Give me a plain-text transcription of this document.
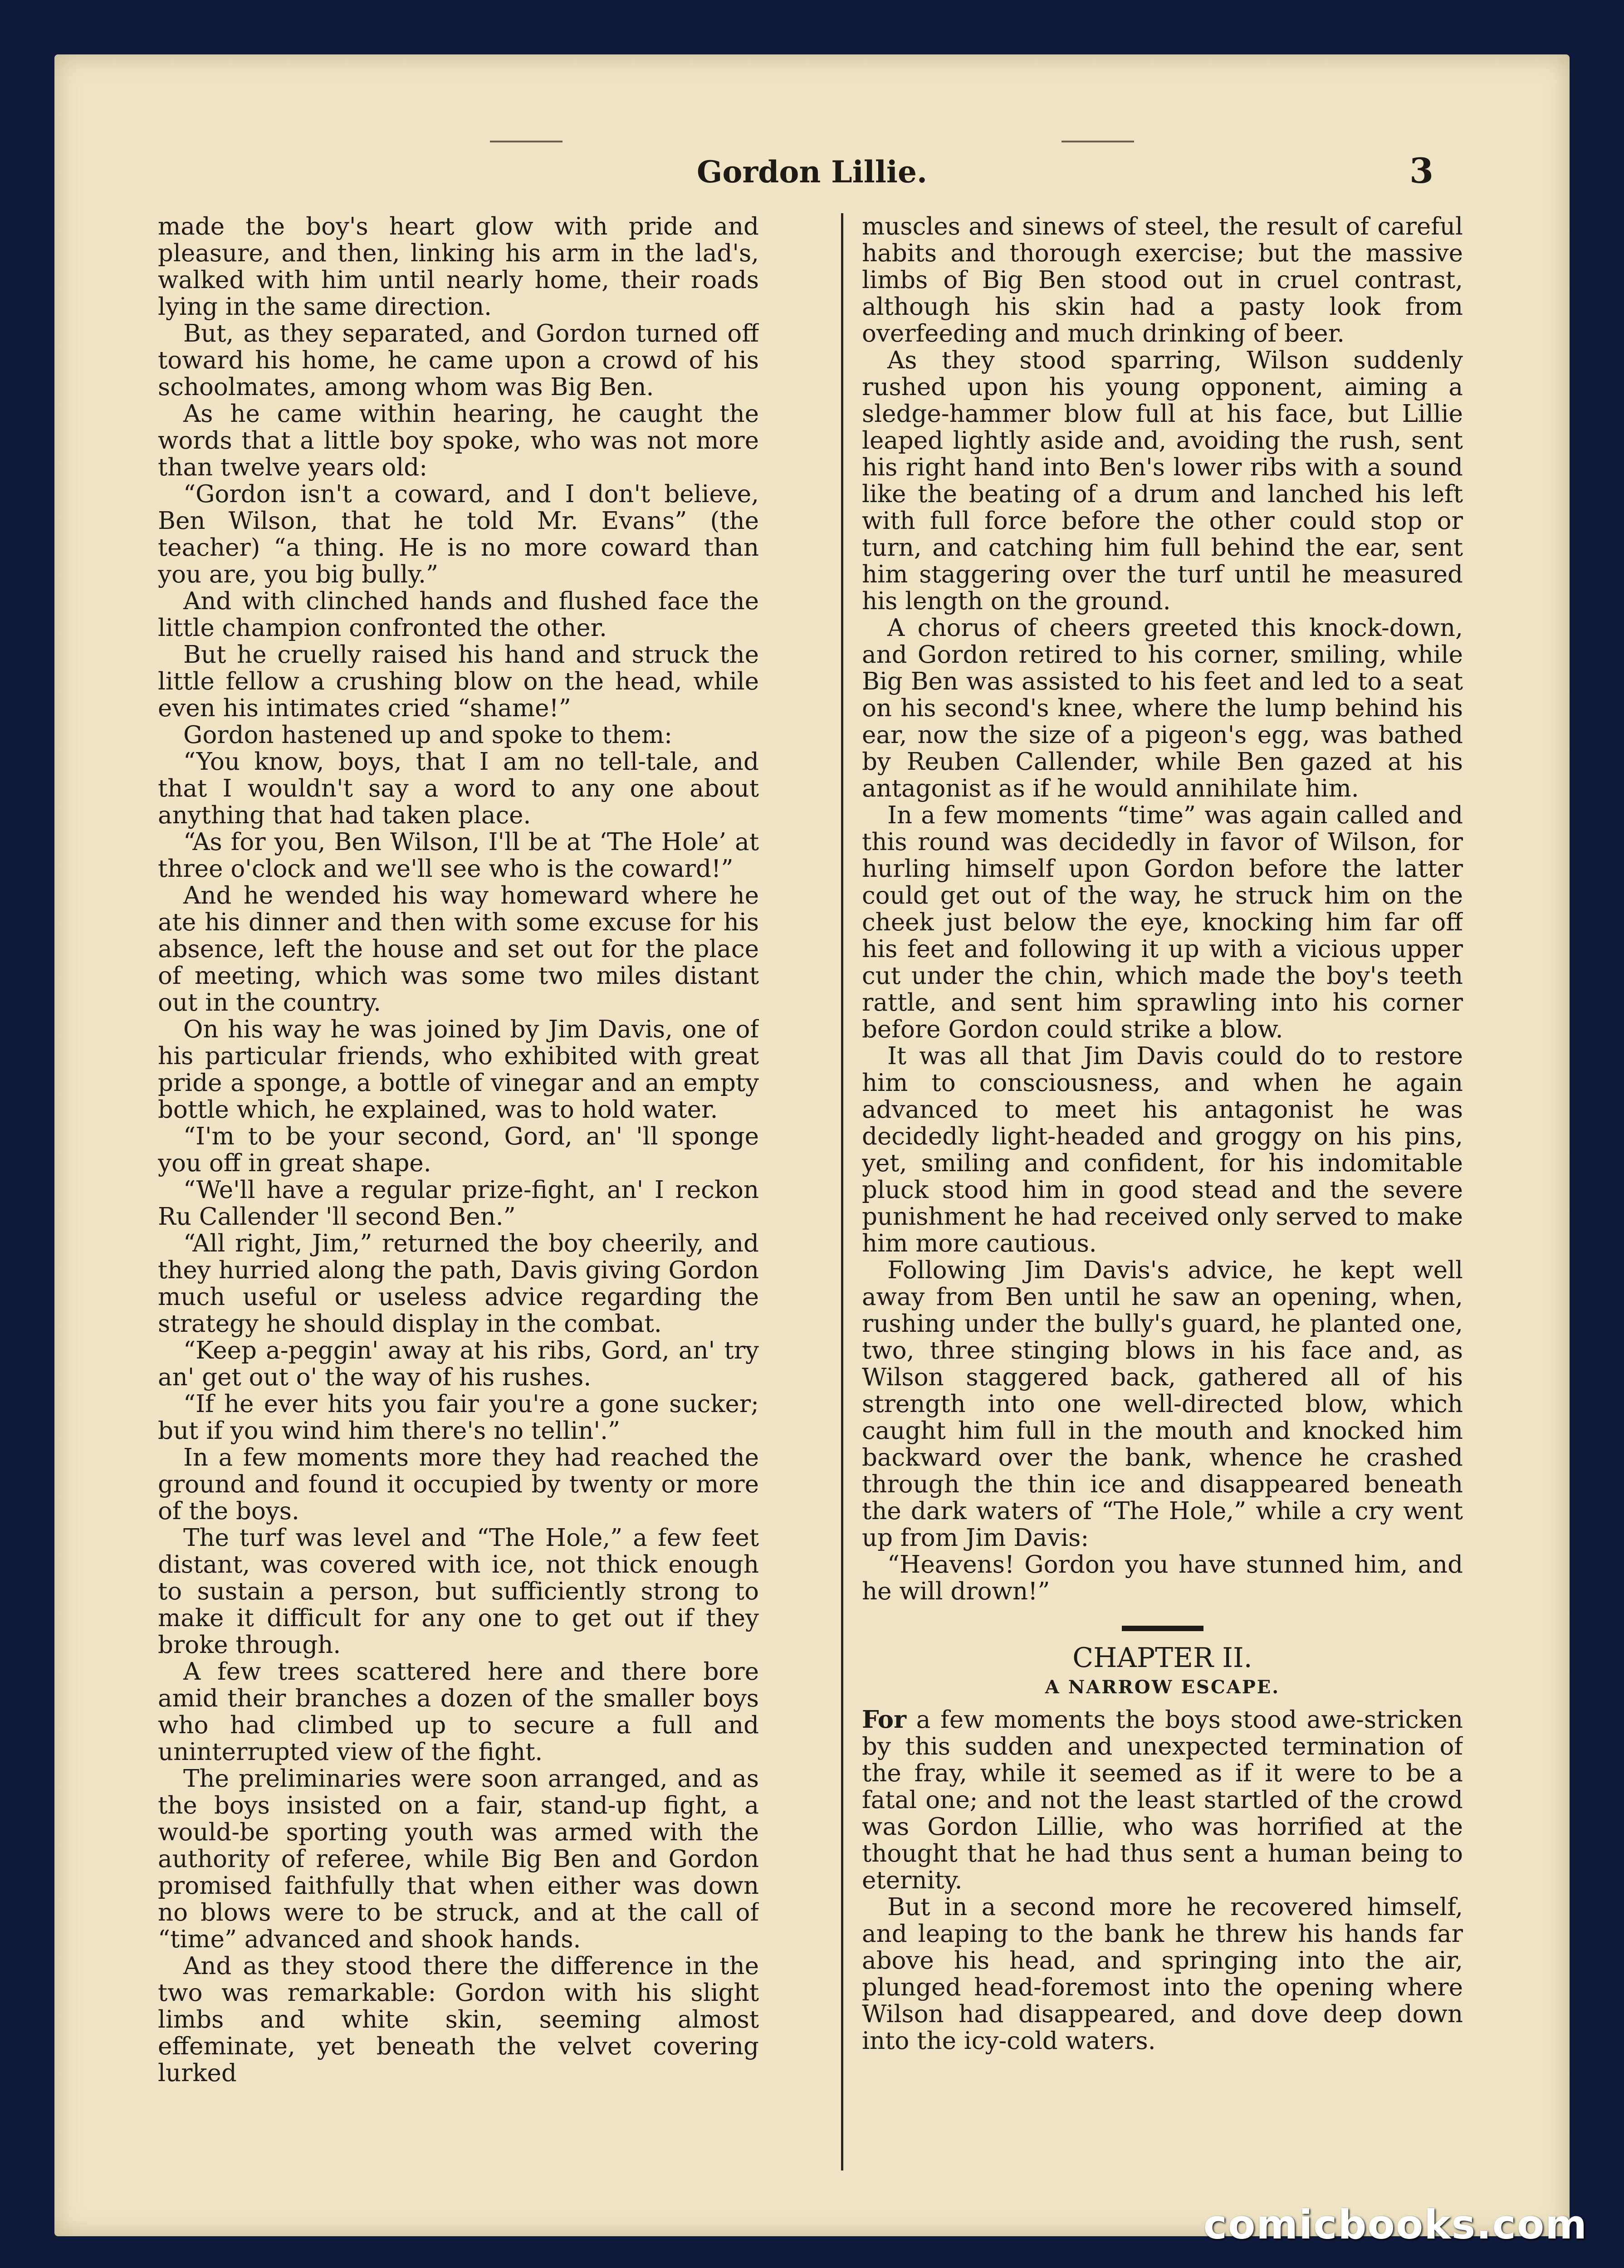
Gordon Lillie.	3

made the boy's heart glow with pride and pleasure, and then, linking his arm in the lad's, walked with him until nearly home, their roads lying in the same direction.

But, as they separated, and Gordon turned off toward his home, he came upon a crowd of his schoolmates, among whom was Big Ben.

As he came within hearing, he caught the words that a little boy spoke, who was not more than twelve years old:

“Gordon isn't a coward, and I don't believe, Ben Wilson, that he told Mr. Evans” (the teacher) “a thing. He is no more coward than you are, you big bully.”

And with clinched hands and flushed face the little champion confronted the other.

But he cruelly raised his hand and struck the little fellow a crushing blow on the head, while even his intimates cried “shame!”

Gordon hastened up and spoke to them:

“You know, boys, that I am no tell-tale, and that I wouldn't say a word to any one about anything that had taken place.

“As for you, Ben Wilson, I'll be at ‘The Hole’ at three o'clock and we'll see who is the coward!”

And he wended his way homeward where he ate his dinner and then with some excuse for his absence, left the house and set out for the place of meeting, which was some two miles distant out in the country.

On his way he was joined by Jim Davis, one of his particular friends, who exhibited with great pride a sponge, a bottle of vinegar and an empty bottle which, he explained, was to hold water.

“I'm to be your second, Gord, an' 'll sponge you off in great shape.

“We'll have a regular prize-fight, an' I reckon Ru Callender 'll second Ben.”

“All right, Jim,” returned the boy cheerily, and they hurried along the path, Davis giving Gordon much useful or useless advice regarding the strategy he should display in the combat.

“Keep a-peggin' away at his ribs, Gord, an' try an' get out o' the way of his rushes.

“If he ever hits you fair you're a gone sucker; but if you wind him there's no tellin'.”

In a few moments more they had reached the ground and found it occupied by twenty or more of the boys.

The turf was level and “The Hole,” a few feet distant, was covered with ice, not thick enough to sustain a person, but sufficiently strong to make it difficult for any one to get out if they broke through.

A few trees scattered here and there bore amid their branches a dozen of the smaller boys who had climbed up to secure a full and uninterrupted view of the fight.

The preliminaries were soon arranged, and as the boys insisted on a fair, stand-up fight, a would-be sporting youth was armed with the authority of referee, while Big Ben and Gordon promised faithfully that when either was down no blows were to be struck, and at the call of “time” advanced and shook hands.

And as they stood there the difference in the two was remarkable: Gordon with his slight limbs and white skin, seeming almost effeminate, yet beneath the velvet covering lurked

muscles and sinews of steel, the result of careful habits and thorough exercise; but the massive limbs of Big Ben stood out in cruel contrast, although his skin had a pasty look from overfeeding and much drinking of beer.

As they stood sparring, Wilson suddenly rushed upon his young opponent, aiming a sledge-hammer blow full at his face, but Lillie leaped lightly aside and, avoiding the rush, sent his right hand into Ben's lower ribs with a sound like the beating of a drum and lanched his left with full force before the other could stop or turn, and catching him full behind the ear, sent him staggering over the turf until he measured his length on the ground.

A chorus of cheers greeted this knock-down, and Gordon retired to his corner, smiling, while Big Ben was assisted to his feet and led to a seat on his second's knee, where the lump behind his ear, now the size of a pigeon's egg, was bathed by Reuben Callender, while Ben gazed at his antagonist as if he would annihilate him.

In a few moments “time” was again called and this round was decidedly in favor of Wilson, for hurling himself upon Gordon before the latter could get out of the way, he struck him on the cheek just below the eye, knocking him far off his feet and following it up with a vicious upper cut under the chin, which made the boy's teeth rattle, and sent him sprawling into his corner before Gordon could strike a blow.

It was all that Jim Davis could do to restore him to consciousness, and when he again advanced to meet his antagonist he was decidedly light-headed and groggy on his pins, yet, smiling and confident, for his indomitable pluck stood him in good stead and the severe punishment he had received only served to make him more cautious.

Following Jim Davis's advice, he kept well away from Ben until he saw an opening, when, rushing under the bully's guard, he planted one, two, three stinging blows in his face and, as Wilson staggered back, gathered all of his strength into one well-directed blow, which caught him full in the mouth and knocked him backward over the bank, whence he crashed through the thin ice and disappeared beneath the dark waters of “The Hole,” while a cry went up from Jim Davis:

“Heavens! Gordon you have stunned him, and he will drown!”

CHAPTER II.
A NARROW ESCAPE.

For a few moments the boys stood awe-stricken by this sudden and unexpected termination of the fray, while it seemed as if it were to be a fatal one; and not the least startled of the crowd was Gordon Lillie, who was horrified at the thought that he had thus sent a human being to eternity.

But in a second more he recovered himself, and leaping to the bank he threw his hands far above his head, and springing into the air, plunged head-foremost into the opening where Wilson had disappeared, and dove deep down into the icy-cold waters.

comicbooks.com
